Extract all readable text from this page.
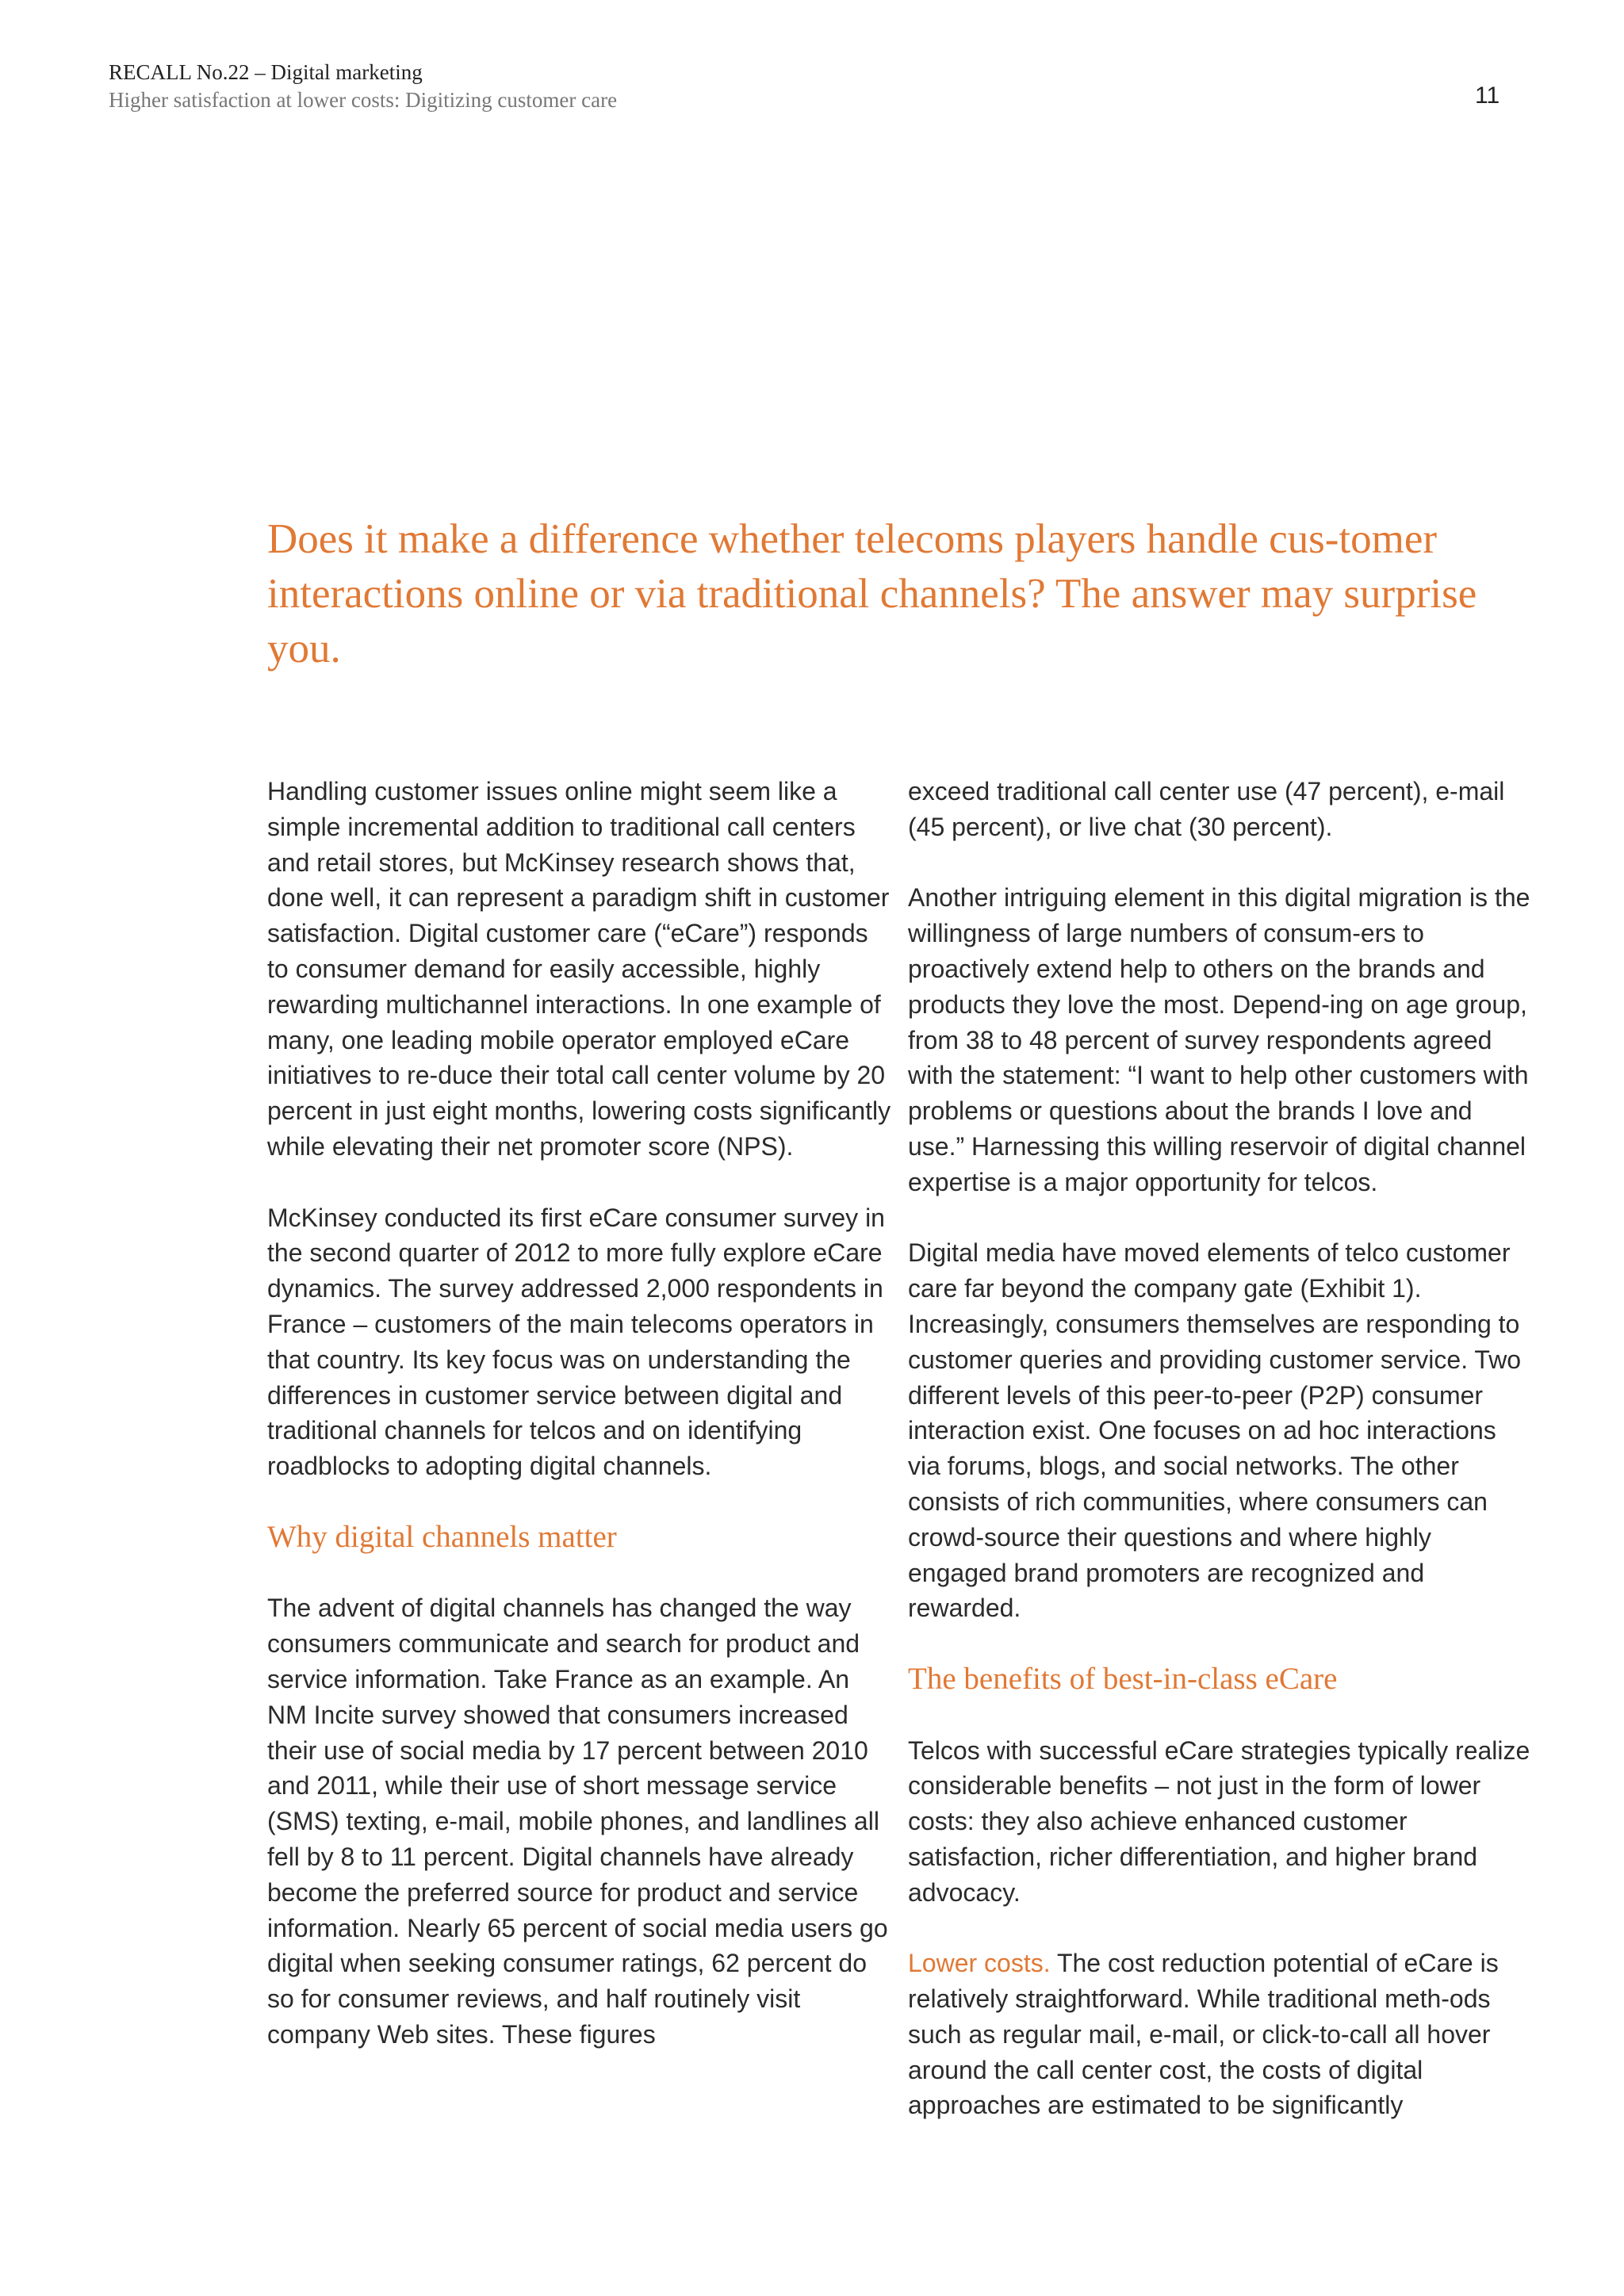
RECALL No.22 – Digital marketing
Higher satisfaction at lower costs: Digitizing customer care	11
Does it make a difference whether telecoms players handle cus-tomer interactions online or via traditional channels? The answer may surprise you.

Handling customer issues online might seem like a simple incremental addition to traditional call centers and retail stores, but McKinsey research shows that, done well, it can represent a paradigm shift in customer satisfaction. Digital customer care (“eCare”) responds to consumer demand for easily accessible, highly rewarding multichannel interactions. In one example of many, one leading mobile operator employed eCare initiatives to re-duce their total call center volume by 20 percent in just eight months, lowering costs significantly while elevating their net promoter score (NPS).

McKinsey conducted its first eCare consumer survey in the second quarter of 2012 to more fully explore eCare dynamics. The survey addressed 2,000 respondents in France – customers of the main telecoms operators in that country. Its key focus was on understanding the differences in customer service between digital and traditional channels for telcos and on identifying roadblocks to adopting digital channels.

Why digital channels matter

The advent of digital channels has changed the way consumers communicate and search for product and service information. Take France as an example. An NM Incite survey showed that consumers increased their use of social media by 17 percent between 2010 and 2011, while their use of short message service (SMS) texting, e-mail, mobile phones, and landlines all fell by 8 to 11 percent. Digital channels have already become the preferred source for product and service information. Nearly 65 percent of social media users go digital when seeking consumer ratings, 62 percent do so for consumer reviews, and half routinely visit company Web sites. These figures

exceed traditional call center use (47 percent), e-mail (45 percent), or live chat (30 percent).

Another intriguing element in this digital migration is the willingness of large numbers of consum-ers to proactively extend help to others on the brands and products they love the most. Depend-ing on age group, from 38 to 48 percent of survey respondents agreed with the statement: “I want to help other customers with problems or questions about the brands I love and use.” Harnessing this willing reservoir of digital channel expertise is a major opportunity for telcos.

Digital media have moved elements of telco customer care far beyond the company gate (Exhibit 1). Increasingly, consumers themselves are responding to customer queries and providing customer service. Two different levels of this peer-to-peer (P2P) consumer interaction exist. One focuses on ad hoc interactions via forums, blogs, and social networks. The other consists of rich communities, where consumers can crowd-source their questions and where highly engaged brand promoters are recognized and rewarded.

The benefits of best-in-class eCare

Telcos with successful eCare strategies typically realize considerable benefits – not just in the form of lower costs: they also achieve enhanced customer satisfaction, richer differentiation, and higher brand advocacy.

Lower costs. The cost reduction potential of eCare is relatively straightforward. While traditional meth-ods such as regular mail, e-mail, or click-to-call all hover around the call center cost, the costs of digital approaches are estimated to be significantly
